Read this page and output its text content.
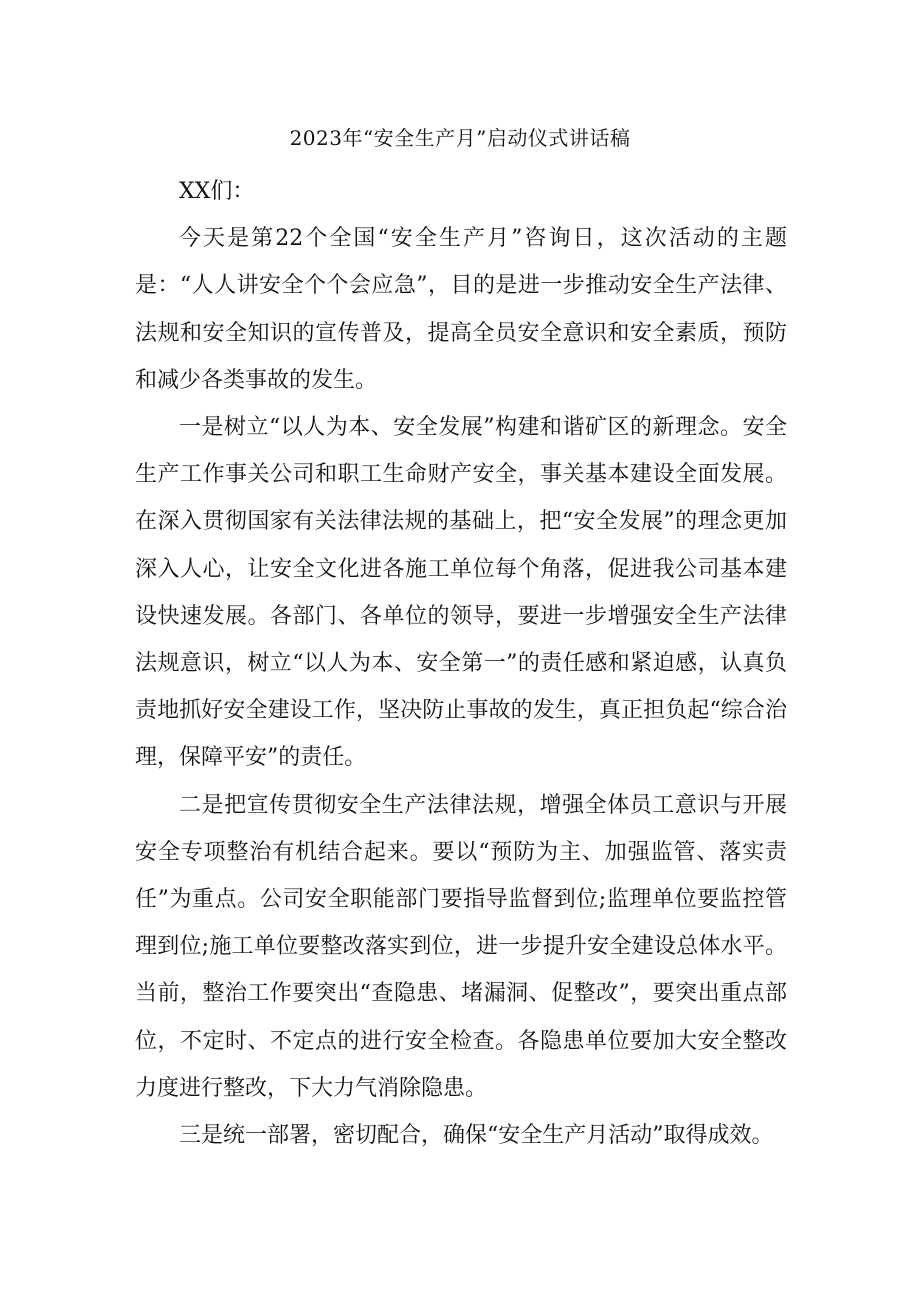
2023年“安全生产月”启动仪式讲话稿

XX们：

今天是第22个全国“安全生产月”咨询日，这次活动的主题是：“人人讲安全个个会应急”，目的是进一步推动安全生产法律、法规和安全知识的宣传普及，提高全员安全意识和安全素质，预防和减少各类事故的发生。

一是树立“以人为本、安全发展”构建和谐矿区的新理念。安全生产工作事关公司和职工生命财产安全，事关基本建设全面发展。在深入贯彻国家有关法律法规的基础上，把“安全发展”的理念更加深入人心，让安全文化进各施工单位每个角落，促进我公司基本建设快速发展。各部门、各单位的领导，要进一步增强安全生产法律法规意识，树立“以人为本、安全第一”的责任感和紧迫感，认真负责地抓好安全建设工作，坚决防止事故的发生，真正担负起“综合治理，保障平安”的责任。

二是把宣传贯彻安全生产法律法规，增强全体员工意识与开展安全专项整治有机结合起来。要以“预防为主、加强监管、落实责任”为重点。公司安全职能部门要指导监督到位;监理单位要监控管理到位;施工单位要整改落实到位，进一步提升安全建设总体水平。当前，整治工作要突出“查隐患、堵漏洞、促整改”，要突出重点部位，不定时、不定点的进行安全检查。各隐患单位要加大安全整改力度进行整改，下大力气消除隐患。

三是统一部署，密切配合，确保“安全生产月活动”取得成效。
